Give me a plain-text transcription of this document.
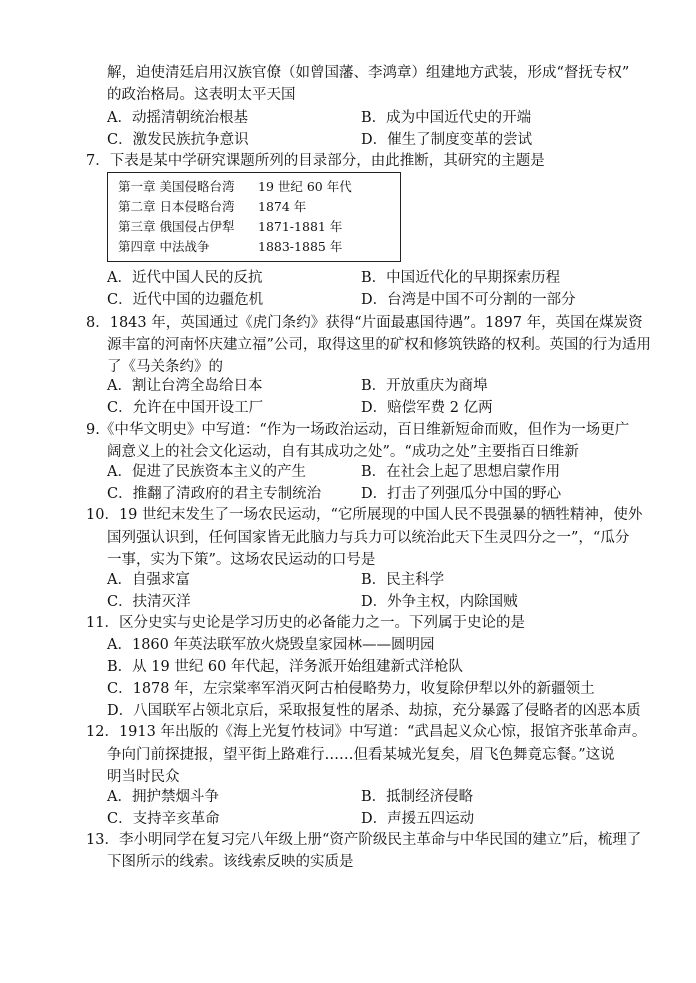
解，迫使清廷启用汉族官僚（如曾国藩、李鸿章）组建地方武装，形成“督抚专权”
的政治格局。这表明太平天国
A．动摇清朝统治根基	B．成为中国近代史的开端
C．激发民族抗争意识	D．催生了制度变革的尝试
7．下表是某中学研究课题所列的目录部分，由此推断，其研究的主题是
第一章 美国侵略台湾 19 世纪 60 年代
第二章 日本侵略台湾 1874 年
第三章 俄国侵占伊犁 1871-1881 年
第四章 中法战争	1883-1885 年
A．近代中国人民的反抗	B．中国近代化的早期探索历程
C．近代中国的边疆危机	D．台湾是中国不可分割的一部分
8．1843 年，英国通过《虎门条约》获得“片面最惠国待遇”。1897 年，英国在煤炭资
源丰富的河南怀庆建立福”公司，取得这里的矿权和修筑铁路的权利。英国的行为适用
了《马关条约》的
A．割让台湾全岛给日本	B．开放重庆为商埠
C．允许在中国开设工厂	D．赔偿军费 2 亿两
9.《中华文明史》中写道：“作为一场政治运动，百日维新短命而败，但作为一场更广
阔意义上的社会文化运动，自有其成功之处”。“成功之处”主要指百日维新
A．促进了民族资本主义的产生	B．在社会上起了思想启蒙作用
C．推翻了清政府的君主专制统治	D．打击了列强瓜分中国的野心
10．19 世纪末发生了一场农民运动，“它所展现的中国人民不畏强暴的牺牲精神，使外
国列强认识到，任何国家皆无此脑力与兵力可以统治此天下生灵四分之一”，“瓜分
一事，实为下策”。这场农民运动的口号是
A．自强求富	B．民主科学
C．扶清灭洋	D．外争主权，内除国贼
11．区分史实与史论是学习历史的必备能力之一。下列属于史论的是
A．1860 年英法联军放火烧毁皇家园林——圆明园
B．从 19 世纪 60 年代起，洋务派开始组建新式洋枪队
C．1878 年，左宗棠率军消灭阿古柏侵略势力，收复除伊犁以外的新疆领土
D．八国联军占领北京后，采取报复性的屠杀、劫掠，充分暴露了侵略者的凶恶本质
12．1913 年出版的《海上光复竹枝词》中写道：“武昌起义众心惊，报馆齐张革命声。
争向门前探捷报，望平街上路难行……但看某城光复矣，眉飞色舞竟忘餐。”这说
明当时民众
A．拥护禁烟斗争	B．抵制经济侵略
C．支持辛亥革命	D．声援五四运动
13．李小明同学在复习完八年级上册“资产阶级民主革命与中华民国的建立”后，梳理了
下图所示的线索。该线索反映的实质是
